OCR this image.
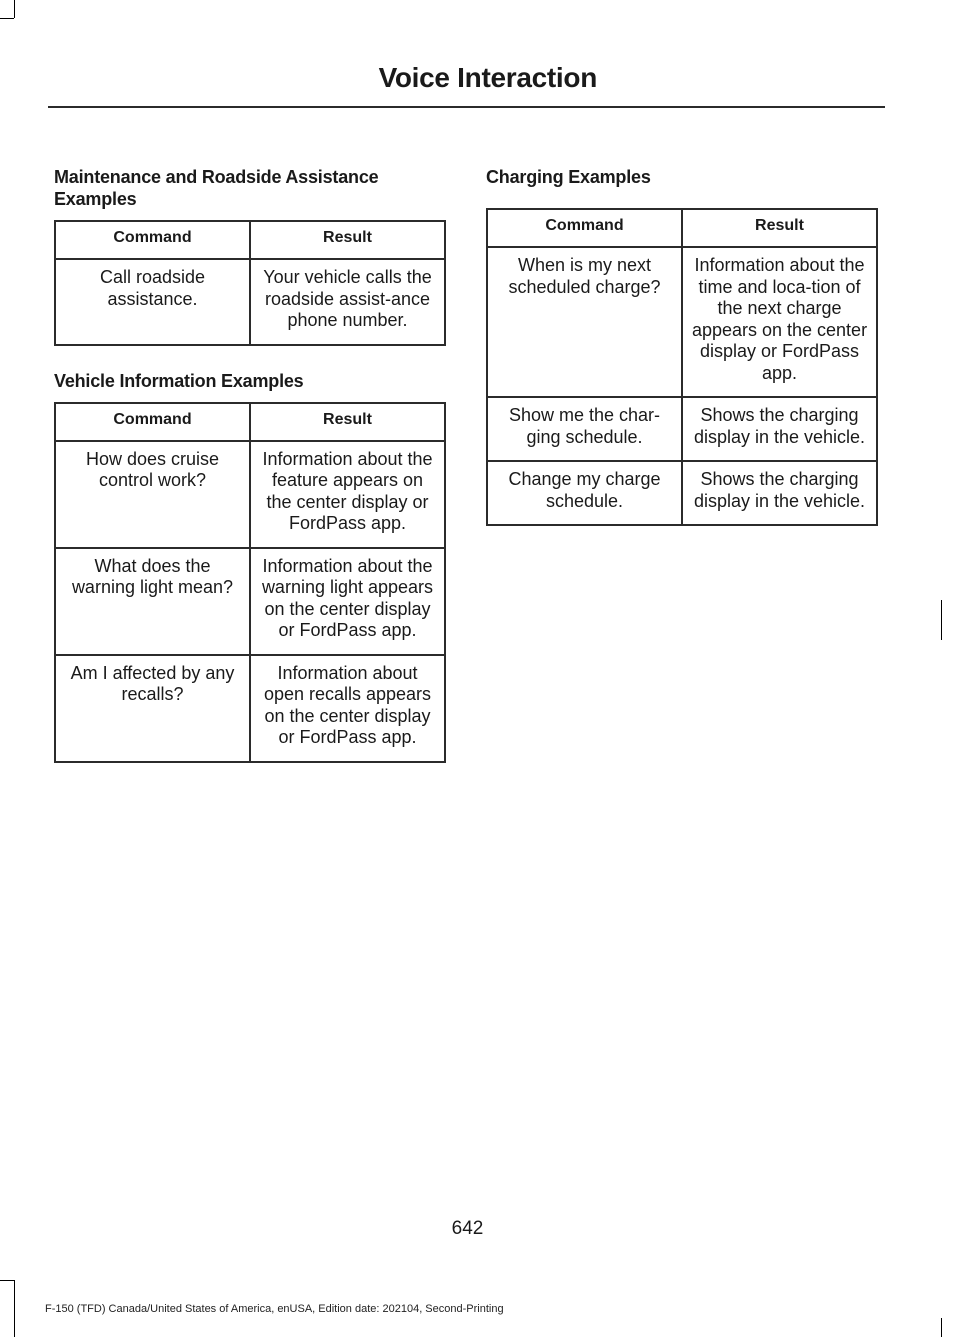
Voice Interaction
Maintenance and Roadside Assistance Examples
Command	Result
Call roadside assistance.	Your vehicle calls the roadside assist-ance phone number.
Vehicle Information Examples
Command	Result
How does cruise control work?	Information about the feature appears on the center display or FordPass app.
What does the warning light mean?	Information about the warning light appears on the center display or FordPass app.
Am I affected by any recalls?	Information about open recalls appears on the center display or FordPass app.
Charging Examples
Command	Result
When is my next scheduled charge?	Information about the time and loca-tion of the next charge appears on the center display or FordPass app.
Show me the char-ging schedule.	Shows the charging display in the vehicle.
Change my charge schedule.	Shows the charging display in the vehicle.
642
F-150 (TFD) Canada/United States of America, enUSA, Edition date: 202104, Second-Printing
